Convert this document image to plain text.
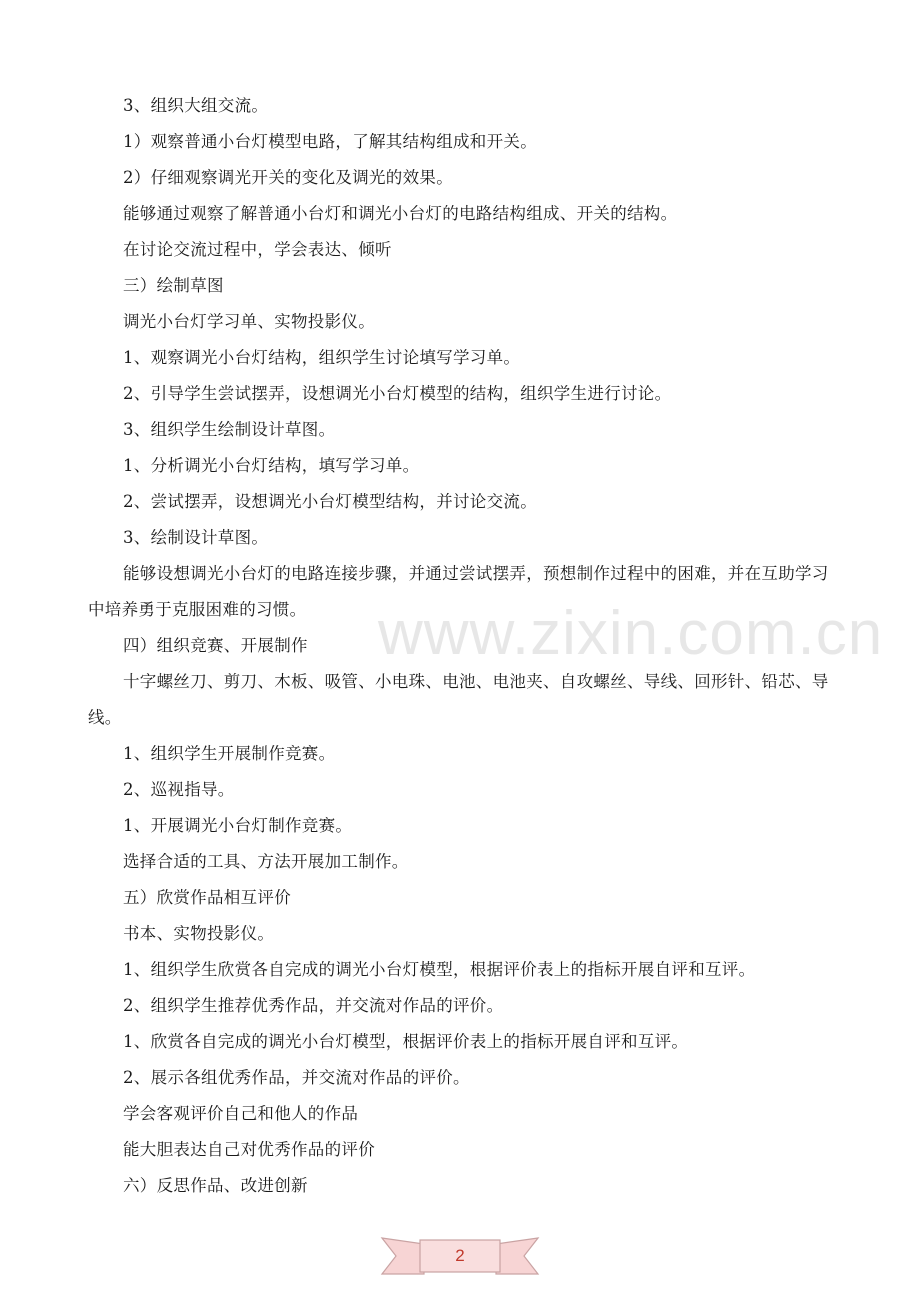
3、组织大组交流。

1）观察普通小台灯模型电路，了解其结构组成和开关。

2）仔细观察调光开关的变化及调光的效果。

能够通过观察了解普通小台灯和调光小台灯的电路结构组成、开关的结构。

在讨论交流过程中，学会表达、倾听

三）绘制草图

调光小台灯学习单、实物投影仪。

1、观察调光小台灯结构，组织学生讨论填写学习单。

2、引导学生尝试摆弄，设想调光小台灯模型的结构，组织学生进行讨论。

3、组织学生绘制设计草图。

1、分析调光小台灯结构，填写学习单。

2、尝试摆弄，设想调光小台灯模型结构，并讨论交流。

3、绘制设计草图。

能够设想调光小台灯的电路连接步骤，并通过尝试摆弄，预想制作过程中的困难，并在互助学习中培养勇于克服困难的习惯。

四）组织竞赛、开展制作

十字螺丝刀、剪刀、木板、吸管、小电珠、电池、电池夹、自攻螺丝、导线、回形针、铅芯、导线。

1、组织学生开展制作竞赛。

2、巡视指导。

1、开展调光小台灯制作竞赛。

选择合适的工具、方法开展加工制作。

五）欣赏作品相互评价

书本、实物投影仪。

1、组织学生欣赏各自完成的调光小台灯模型，根据评价表上的指标开展自评和互评。

2、组织学生推荐优秀作品，并交流对作品的评价。

1、欣赏各自完成的调光小台灯模型，根据评价表上的指标开展自评和互评。

2、展示各组优秀作品，并交流对作品的评价。

学会客观评价自己和他人的作品

能大胆表达自己对优秀作品的评价

六）反思作品、改进创新

www.zixin.com.cn
2
